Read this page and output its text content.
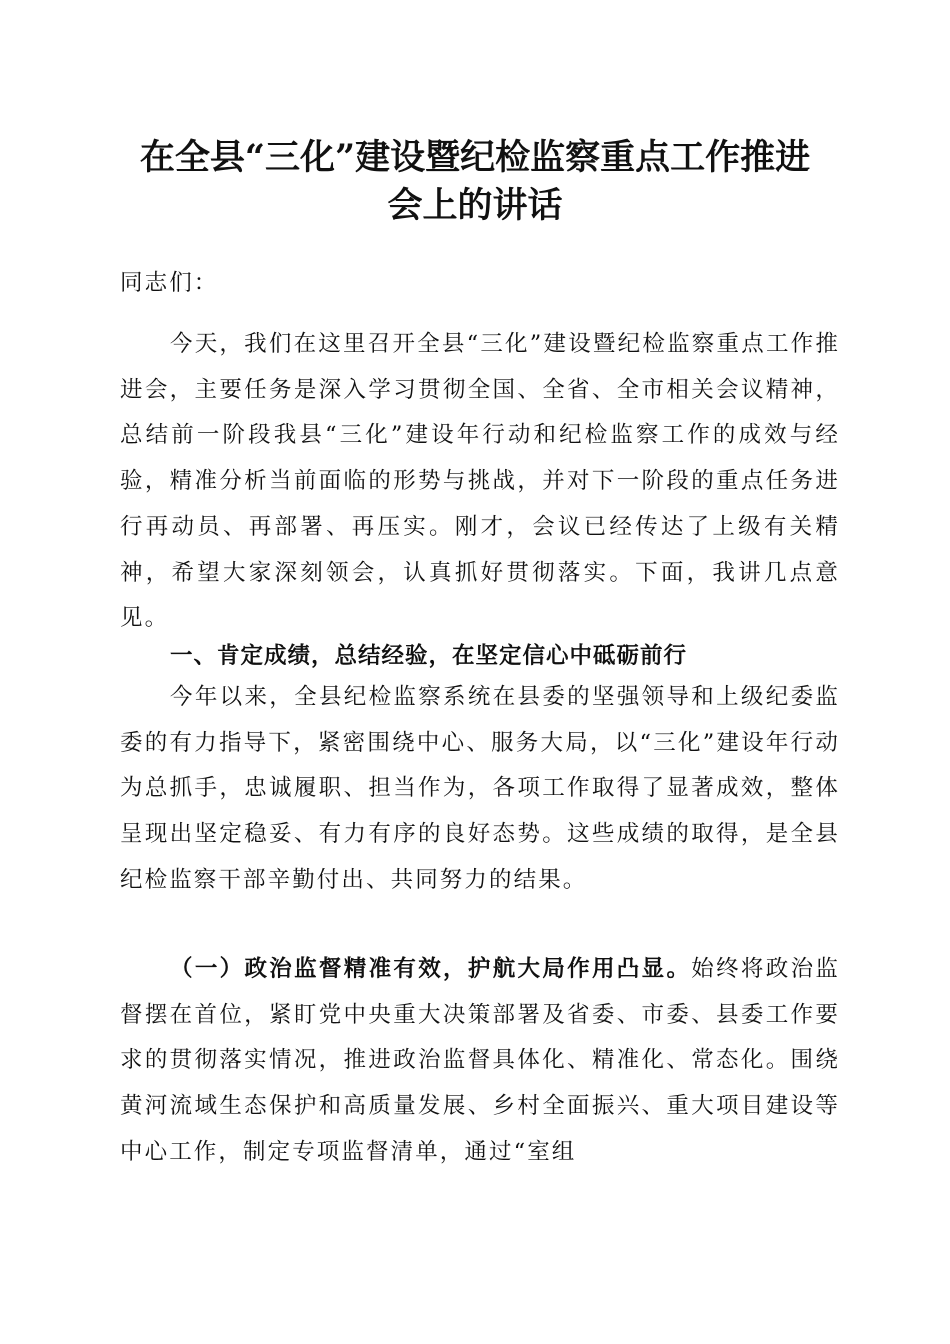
在全县“三化”建设暨纪检监察重点工作推进
会上的讲话

同志们：

今天，我们在这里召开全县“三化”建设暨纪检监察重点工作推进会，主要任务是深入学习贯彻全国、全省、全市相关会议精神，总结前一阶段我县“三化”建设年行动和纪检监察工作的成效与经验，精准分析当前面临的形势与挑战，并对下一阶段的重点任务进行再动员、再部署、再压实。刚才，会议已经传达了上级有关精神，希望大家深刻领会，认真抓好贯彻落实。下面，我讲几点意见。

一、肯定成绩，总结经验，在坚定信心中砥砺前行

今年以来，全县纪检监察系统在县委的坚强领导和上级纪委监委的有力指导下，紧密围绕中心、服务大局，以“三化”建设年行动为总抓手，忠诚履职、担当作为，各项工作取得了显著成效，整体呈现出坚定稳妥、有力有序的良好态势。这些成绩的取得，是全县纪检监察干部辛勤付出、共同努力的结果。

（一）政治监督精准有效，护航大局作用凸显。始终将政治监督摆在首位，紧盯党中央重大决策部署及省委、市委、县委工作要求的贯彻落实情况，推进政治监督具体化、精准化、常态化。围绕黄河流域生态保护和高质量发展、乡村全面振兴、重大项目建设等中心工作，制定专项监督清单，通过“室组
